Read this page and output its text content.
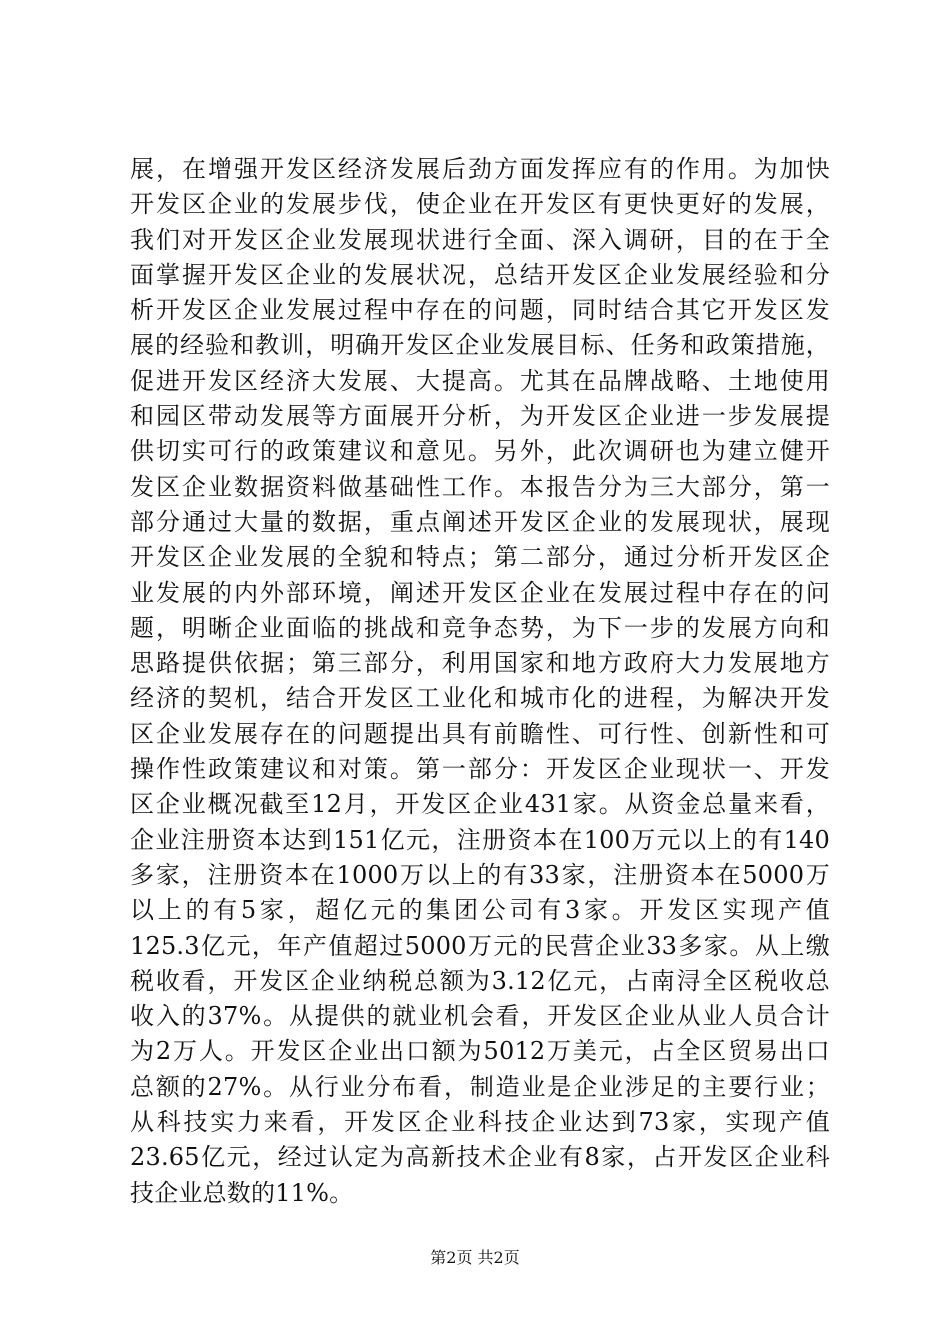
展，在增强开发区经济发展后劲方面发挥应有的作用。为加快
开发区企业的发展步伐，使企业在开发区有更快更好的发展，
我们对开发区企业发展现状进行全面、深入调研，目的在于全
面掌握开发区企业的发展状况，总结开发区企业发展经验和分
析开发区企业发展过程中存在的问题，同时结合其它开发区发
展的经验和教训，明确开发区企业发展目标、任务和政策措施，
促进开发区经济大发展、大提高。尤其在品牌战略、土地使用
和园区带动发展等方面展开分析，为开发区企业进一步发展提
供切实可行的政策建议和意见。另外，此次调研也为建立健开
发区企业数据资料做基础性工作。本报告分为三大部分，第一
部分通过大量的数据，重点阐述开发区企业的发展现状，展现
开发区企业发展的全貌和特点；第二部分，通过分析开发区企
业发展的内外部环境，阐述开发区企业在发展过程中存在的问
题，明晰企业面临的挑战和竞争态势，为下一步的发展方向和
思路提供依据；第三部分，利用国家和地方政府大力发展地方
经济的契机，结合开发区工业化和城市化的进程，为解决开发
区企业发展存在的问题提出具有前瞻性、可行性、创新性和可
操作性政策建议和对策。第一部分：开发区企业现状一、开发
区企业概况截至12月，开发区企业431家。从资金总量来看，
企业注册资本达到151亿元，注册资本在100万元以上的有140
多家，注册资本在1000万以上的有33家，注册资本在5000万
以上的有5家，超亿元的集团公司有3家。开发区实现产值
125.3亿元，年产值超过5000万元的民营企业33多家。从上缴
税收看，开发区企业纳税总额为3.12亿元，占南浔全区税收总
收入的37%。从提供的就业机会看，开发区企业从业人员合计
为2万人。开发区企业出口额为5012万美元，占全区贸易出口
总额的27%。从行业分布看，制造业是企业涉足的主要行业；
从科技实力来看，开发区企业科技企业达到73家，实现产值
23.65亿元，经过认定为高新技术企业有8家，占开发区企业科
技企业总数的11%。
第2页 共2页
